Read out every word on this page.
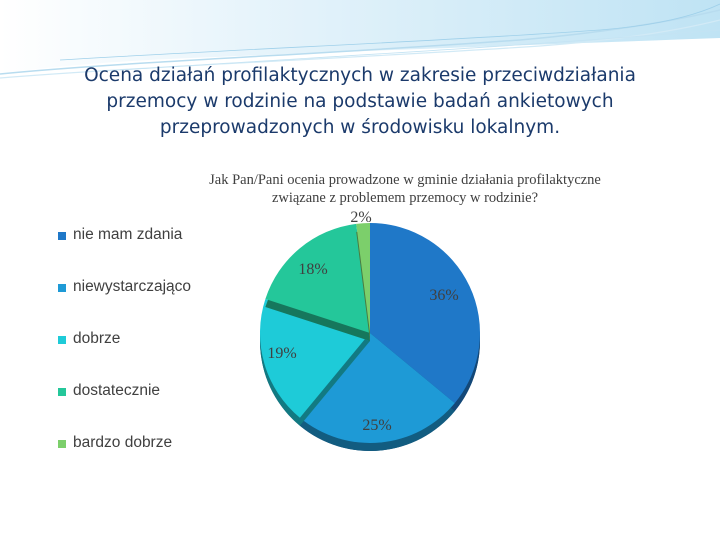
Ocena działań profilaktycznych w zakresie przeciwdziałania
przemocy w rodzinie na podstawie badań ankietowych
przeprowadzonych w środowisku lokalnym.
Jak Pan/Pani ocenia prowadzone w gminie działania profilaktyczne
związane z problemem przemocy w rodzinie?
nie mam zdania
niewystarczająco
dobrze
dostatecznie
bardzo dobrze
36%
25%
19%
18%
2%
